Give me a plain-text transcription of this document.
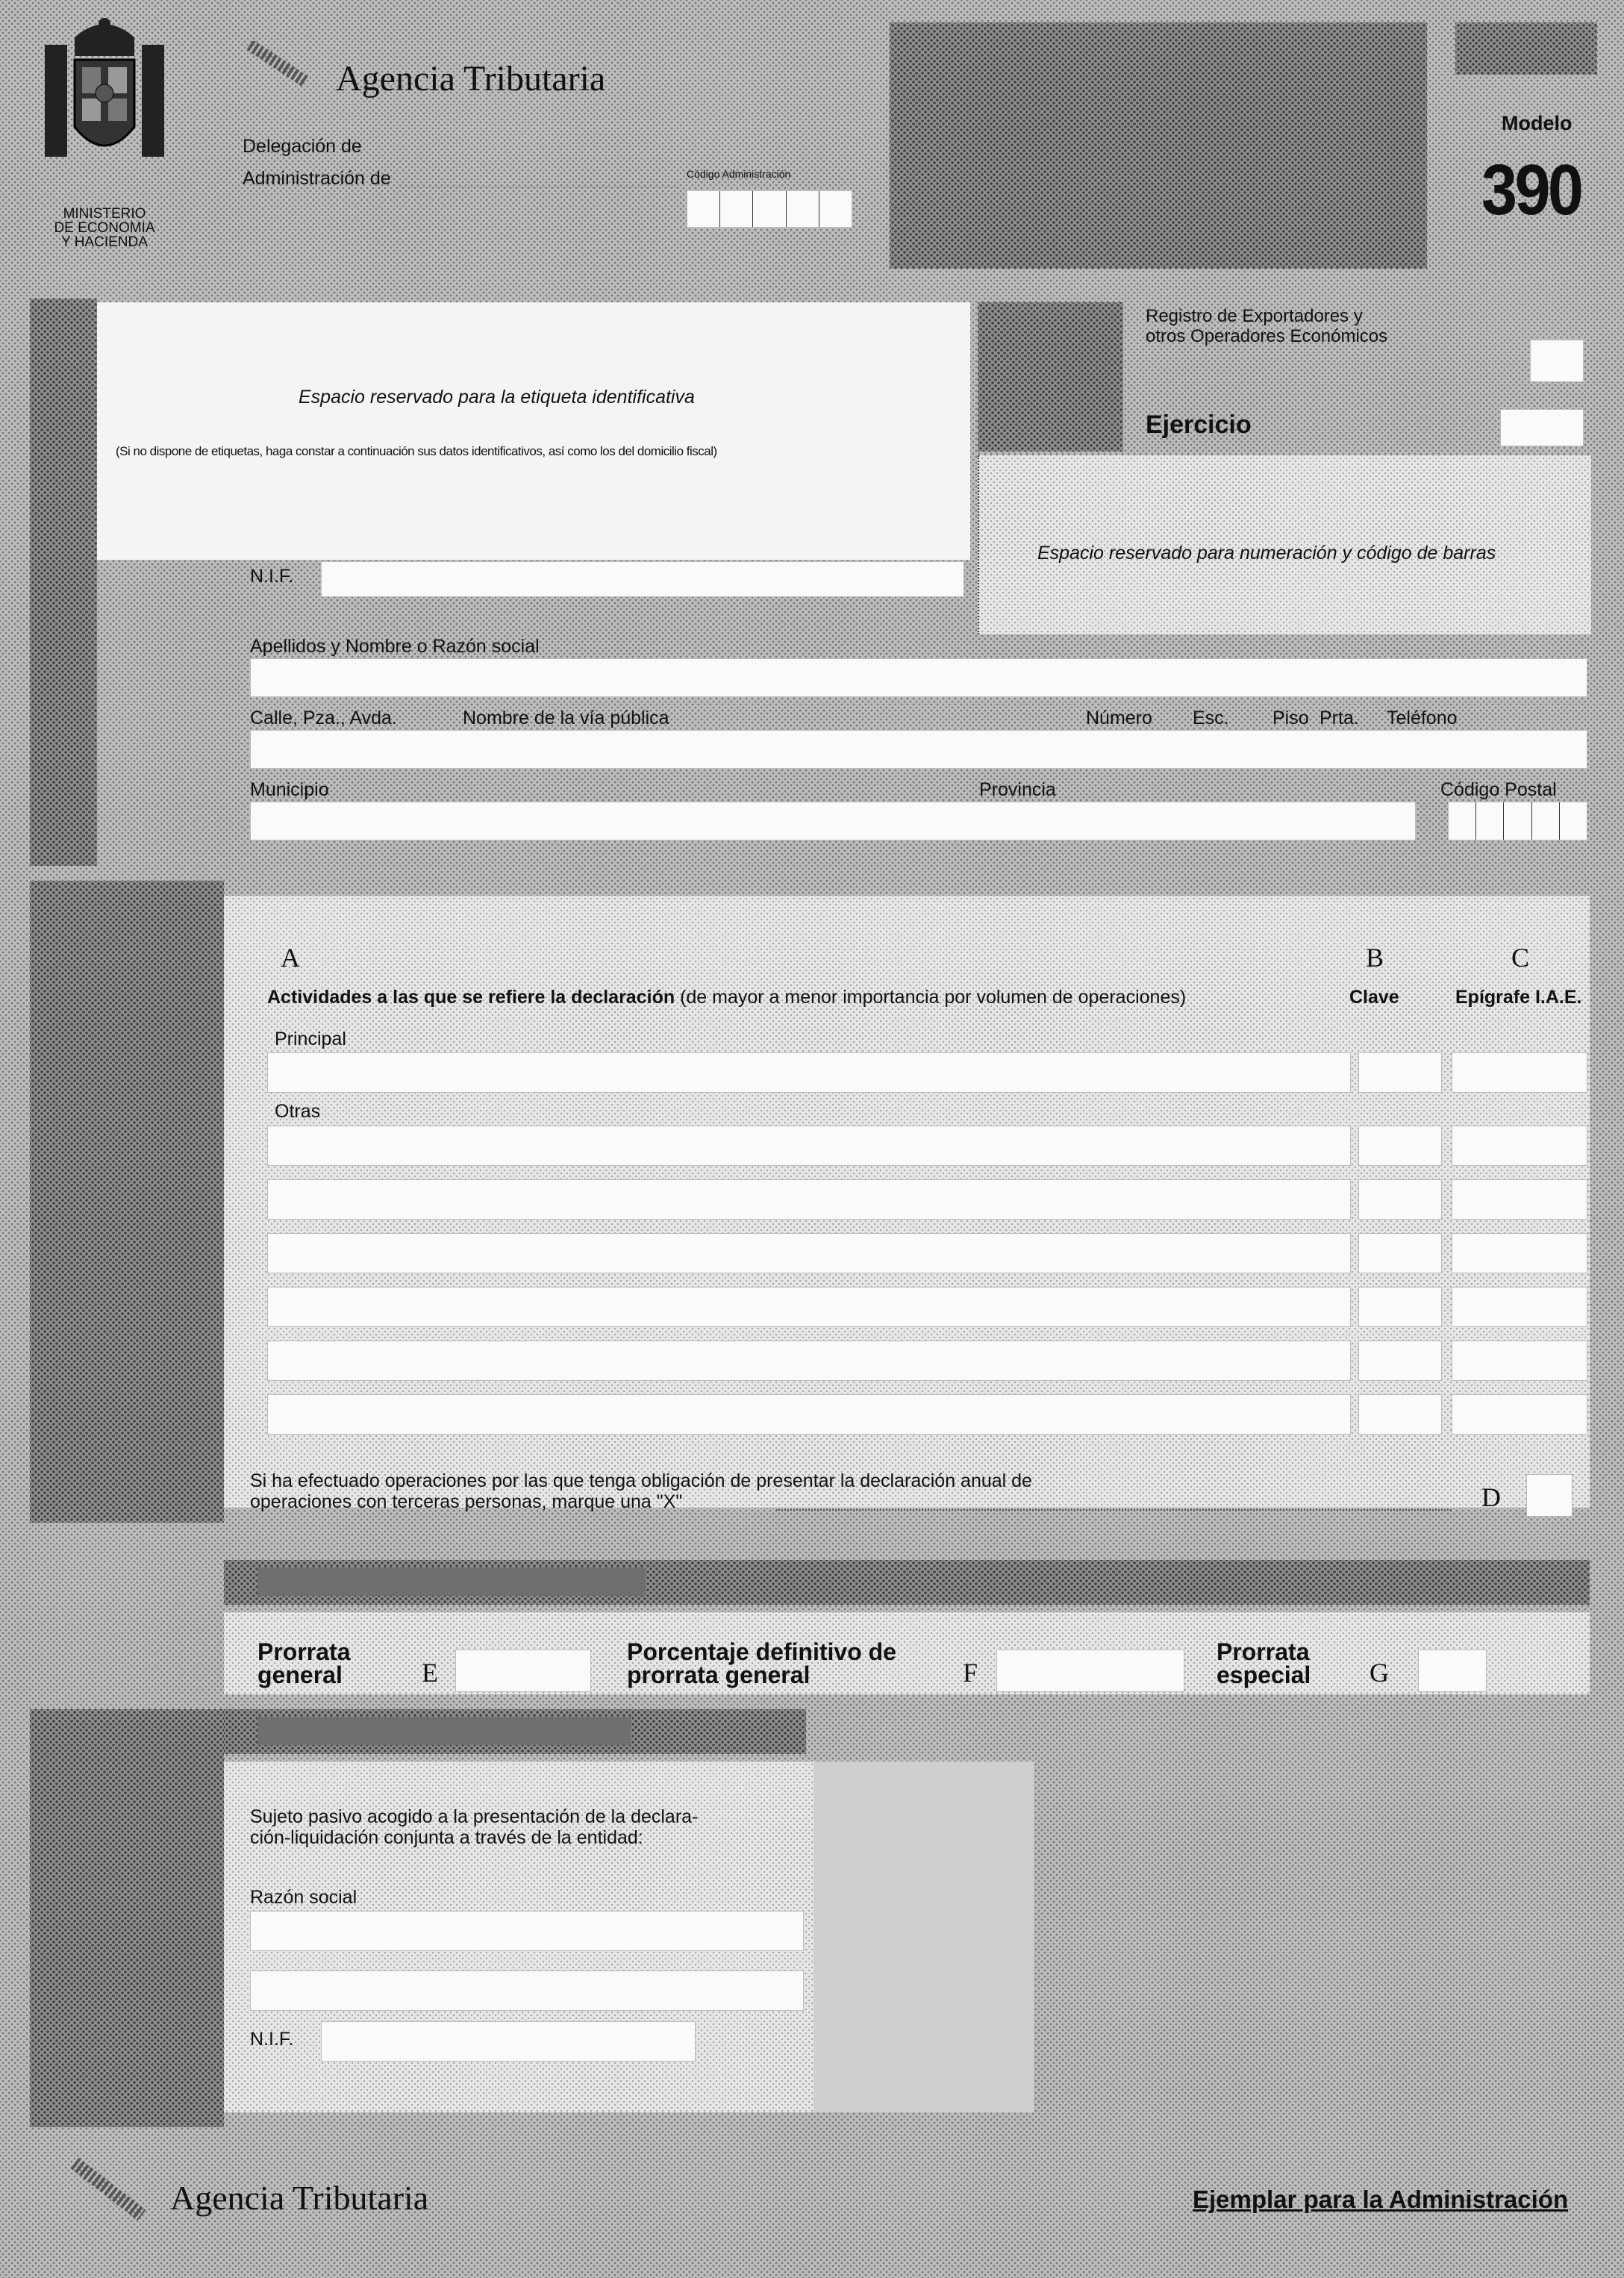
MINISTERIO
DE ECONOMIA
Y HACIENDA
Agencia Tributaria
Delegación de
Administración de	Código Administración
Modelo
390
Espacio reservado para la etiqueta identificativa
(Si no dispone de etiquetas, haga constar a continuación sus datos identificativos, así como los del domicilio fiscal)
Registro de Exportadores y otros Operadores Económicos
Ejercicio
Espacio reservado para numeración y código de barras
N.I.F.
Apellidos y Nombre o Razón social
Calle, Pza., Avda.	Nombre de la vía pública	Número Esc. Piso Prta. Teléfono
Municipio	Provincia	Código Postal
A	B	C
Actividades a las que se refiere la declaración (de mayor a menor importancia por volumen de operaciones)	Clave	Epígrafe I.A.E.
Principal
Otras
Si ha efectuado operaciones por las que tenga obligación de presentar la declaración anual de
operaciones con terceras personas, marque una "X"	D
Prorrata general	E
Porcentaje definitivo de prorrata general	F
Prorrata especial	G
Sujeto pasivo acogido a la presentación de la declara-
ción-liquidación conjunta a través de la entidad:
Razón social
N.I.F.
Agencia Tributaria	Ejemplar para la Administración
